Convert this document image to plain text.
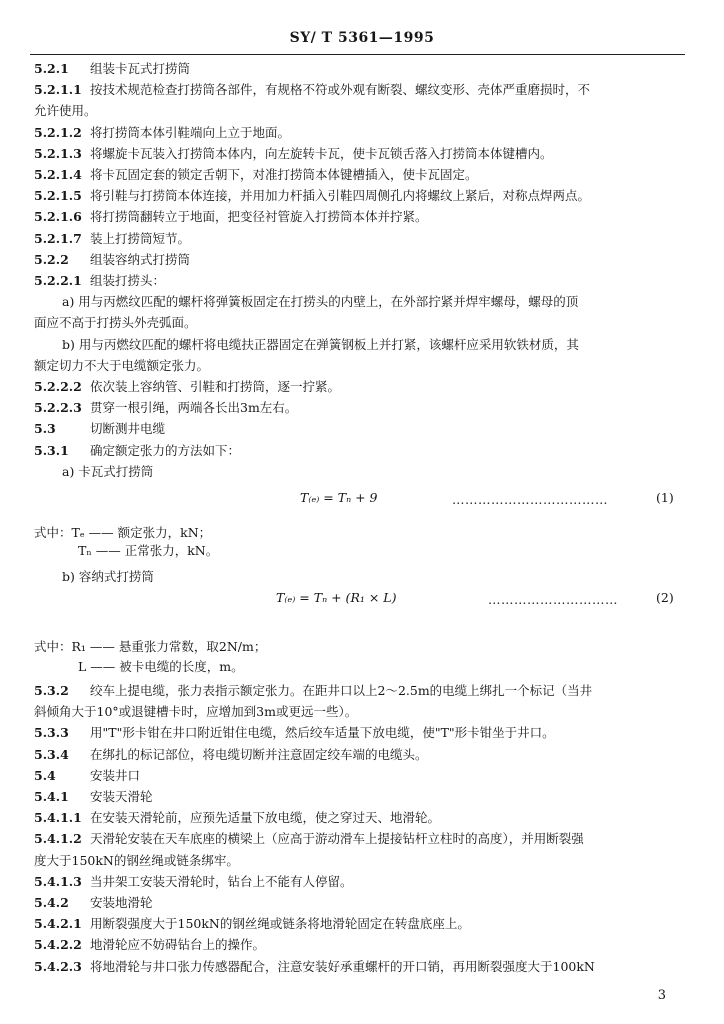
SY/ T 5361—1995
5.2.1 组装卡瓦式打捞筒
5.2.1.1 按技术规范检查打捞筒各部件，有规格不符或外观有断裂、螺纹变形、壳体严重磨损时，不
允许使用。
5.2.1.2 将打捞筒本体引鞋端向上立于地面。
5.2.1.3 将螺旋卡瓦装入打捞筒本体内，向左旋转卡瓦，使卡瓦锁舌落入打捞筒本体键槽内。
5.2.1.4 将卡瓦固定套的锁定舌朝下，对准打捞筒本体键槽插入，使卡瓦固定。
5.2.1.5 将引鞋与打捞筒本体连接，并用加力杆插入引鞋四周侧孔内将螺纹上紧后，对称点焊两点。
5.2.1.6 将打捞筒翻转立于地面，把变径衬管旋入打捞筒本体并拧紧。
5.2.1.7 装上打捞筒短节。
5.2.2 组装容纳式打捞筒
5.2.2.1 组装打捞头：
a) 用与丙燃纹匹配的螺杆将弹簧板固定在打捞头的内壁上，在外部拧紧并焊牢螺母，螺母的顶
面应不高于打捞头外壳弧面。
b) 用与丙燃纹匹配的螺杆将电缆扶正器固定在弹簧钢板上并打紧，该螺杆应采用软铁材质，其
额定切力不大于电缆额定张力。
5.2.2.2 依次装上容纳管、引鞋和打捞筒，逐一拧紧。
5.2.2.3 贯穿一根引绳，两端各长出3m左右。
5.3	切断测井电缆
5.3.1 确定额定张力的方法如下：
a) 卡瓦式打捞筒
T₍ₑ₎ = Tₙ + 9	………………………………	(1)
式中：Tₑ —— 额定张力，kN；
Tₙ —— 正常张力，kN。
b) 容纳式打捞筒
T₍ₑ₎ = Tₙ + (R₁ × L)	…………………………	(2)
式中：R₁ —— 悬重张力常数，取2N/m；
L —— 被卡电缆的长度，m。
5.3.2 绞车上提电缆，张力表指示额定张力。在距井口以上2～2.5m的电缆上绑扎一个标记（当井
斜倾角大于10°或退键槽卡时，应增加到3m或更远一些）。
5.3.3 用"T"形卡钳在井口附近钳住电缆，然后绞车适量下放电缆，使"T"形卡钳坐于井口。
5.3.4 在绑扎的标记部位，将电缆切断并注意固定绞车端的电缆头。
5.4	安装井口
5.4.1 安装天滑轮
5.4.1.1 在安装天滑轮前，应预先适量下放电缆，使之穿过天、地滑轮。
5.4.1.2 天滑轮安装在天车底座的横梁上（应高于游动滑车上提接钻杆立柱时的高度），并用断裂强
度大于150kN的钢丝绳或链条绑牢。
5.4.1.3 当井架工安装天滑轮时，钻台上不能有人停留。
5.4.2 安装地滑轮
5.4.2.1 用断裂强度大于150kN的钢丝绳或链条将地滑轮固定在转盘底座上。
5.4.2.2 地滑轮应不妨碍钻台上的操作。
5.4.2.3 将地滑轮与井口张力传感器配合，注意安装好承重螺杆的开口销，再用断裂强度大于100kN
3
